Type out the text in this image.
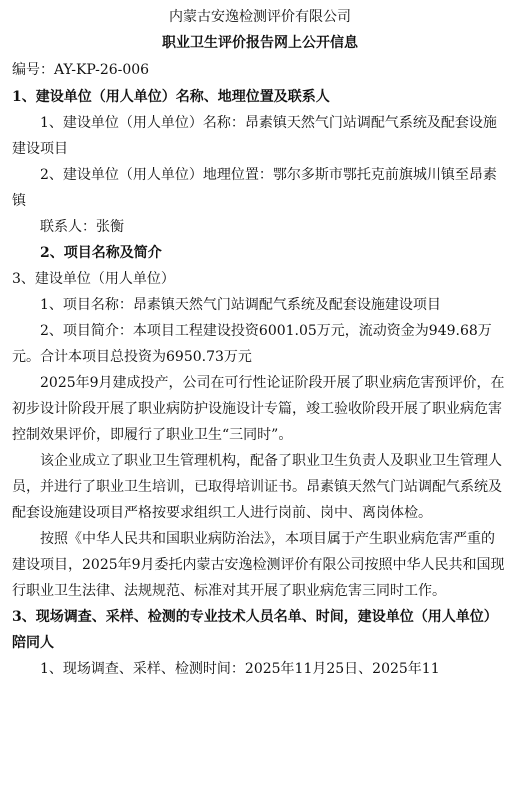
内蒙古安逸检测评价有限公司
职业卫生评价报告网上公开信息
编号：AY-KP-26-006
1、建设单位（用人单位）名称、地理位置及联系人

1、建设单位（用人单位）名称：昂素镇天然气门站调配气系统及配套设施建设项目

2、建设单位（用人单位）地理位置：鄂尔多斯市鄂托克前旗城川镇至昂素镇

联系人：张衡

2、项目名称及简介

3、建设单位（用人单位）

1、项目名称：昂素镇天然气门站调配气系统及配套设施建设项目

2、项目简介：本项目工程建设投资6001.05万元，流动资金为949.68万元。合计本项目总投资为6950.73万元

2025年9月建成投产，公司在可行性论证阶段开展了职业病危害预评价，在初步设计阶段开展了职业病防护设施设计专篇，竣工验收阶段开展了职业病危害控制效果评价，即履行了职业卫生“三同时”。

该企业成立了职业卫生管理机构，配备了职业卫生负责人及职业卫生管理人员，并进行了职业卫生培训，已取得培训证书。昂素镇天然气门站调配气系统及配套设施建设项目严格按要求组织工人进行岗前、岗中、离岗体检。

按照《中华人民共和国职业病防治法》，本项目属于产生职业病危害严重的建设项目，2025年9月委托内蒙古安逸检测评价有限公司按照中华人民共和国现行职业卫生法律、法规规范、标准对其开展了职业病危害三同时工作。

3、现场调查、采样、检测的专业技术人员名单、时间，建设单位（用人单位）陪同人

1、现场调查、采样、检测时间：2025年11月25日、2025年11
